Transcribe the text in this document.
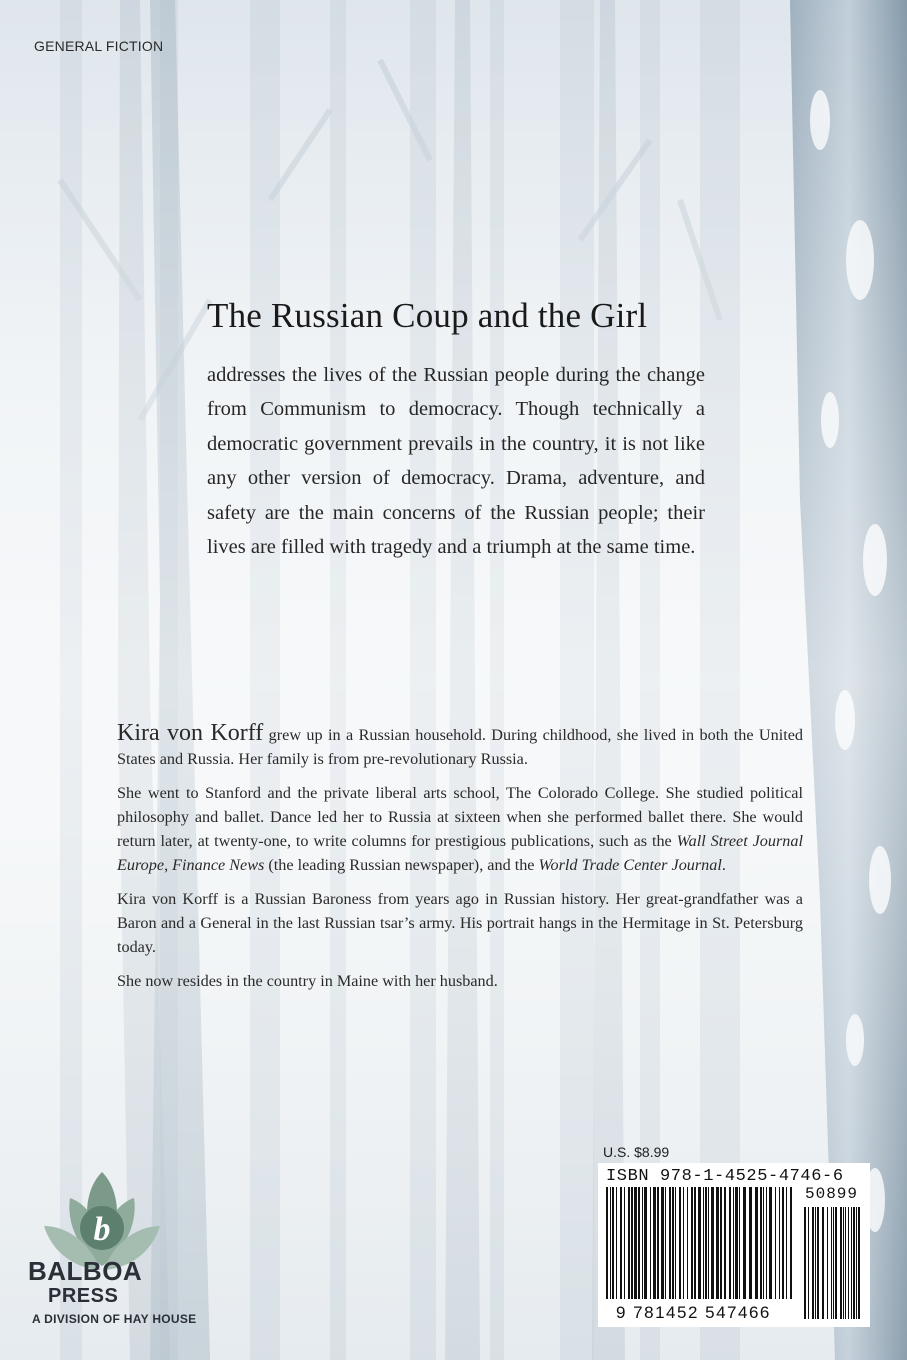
GENERAL FICTION
The Russian Coup and the Girl
addresses the lives of the Russian people during the change from Communism to democracy. Though technically a democratic government prevails in the country, it is not like any other version of democracy. Drama, adventure, and safety are the main concerns of the Russian people; their lives are filled with tragedy and a triumph at the same time.

Kira von Korff grew up in a Russian household. During childhood, she lived in both the United States and Russia. Her family is from pre-revolutionary Russia.

She went to Stanford and the private liberal arts school, The Colorado College. She studied political philosophy and ballet. Dance led her to Russia at sixteen when she performed ballet there. She would return later, at twenty-one, to write columns for prestigious publications, such as the Wall Street Journal Europe, Finance News (the leading Russian newspaper), and the World Trade Center Journal.

Kira von Korff is a Russian Baroness from years ago in Russian history. Her great-grandfather was a Baron and a General in the last Russian tsar’s army. His portrait hangs in the Hermitage in St. Petersburg today.

She now resides in the country in Maine with her husband.

b
BALBOA
PRESS
A DIVISION OF HAY HOUSE
U.S. $8.99
ISBN 978-1-4525-4746-6
50899
9 781452 547466
